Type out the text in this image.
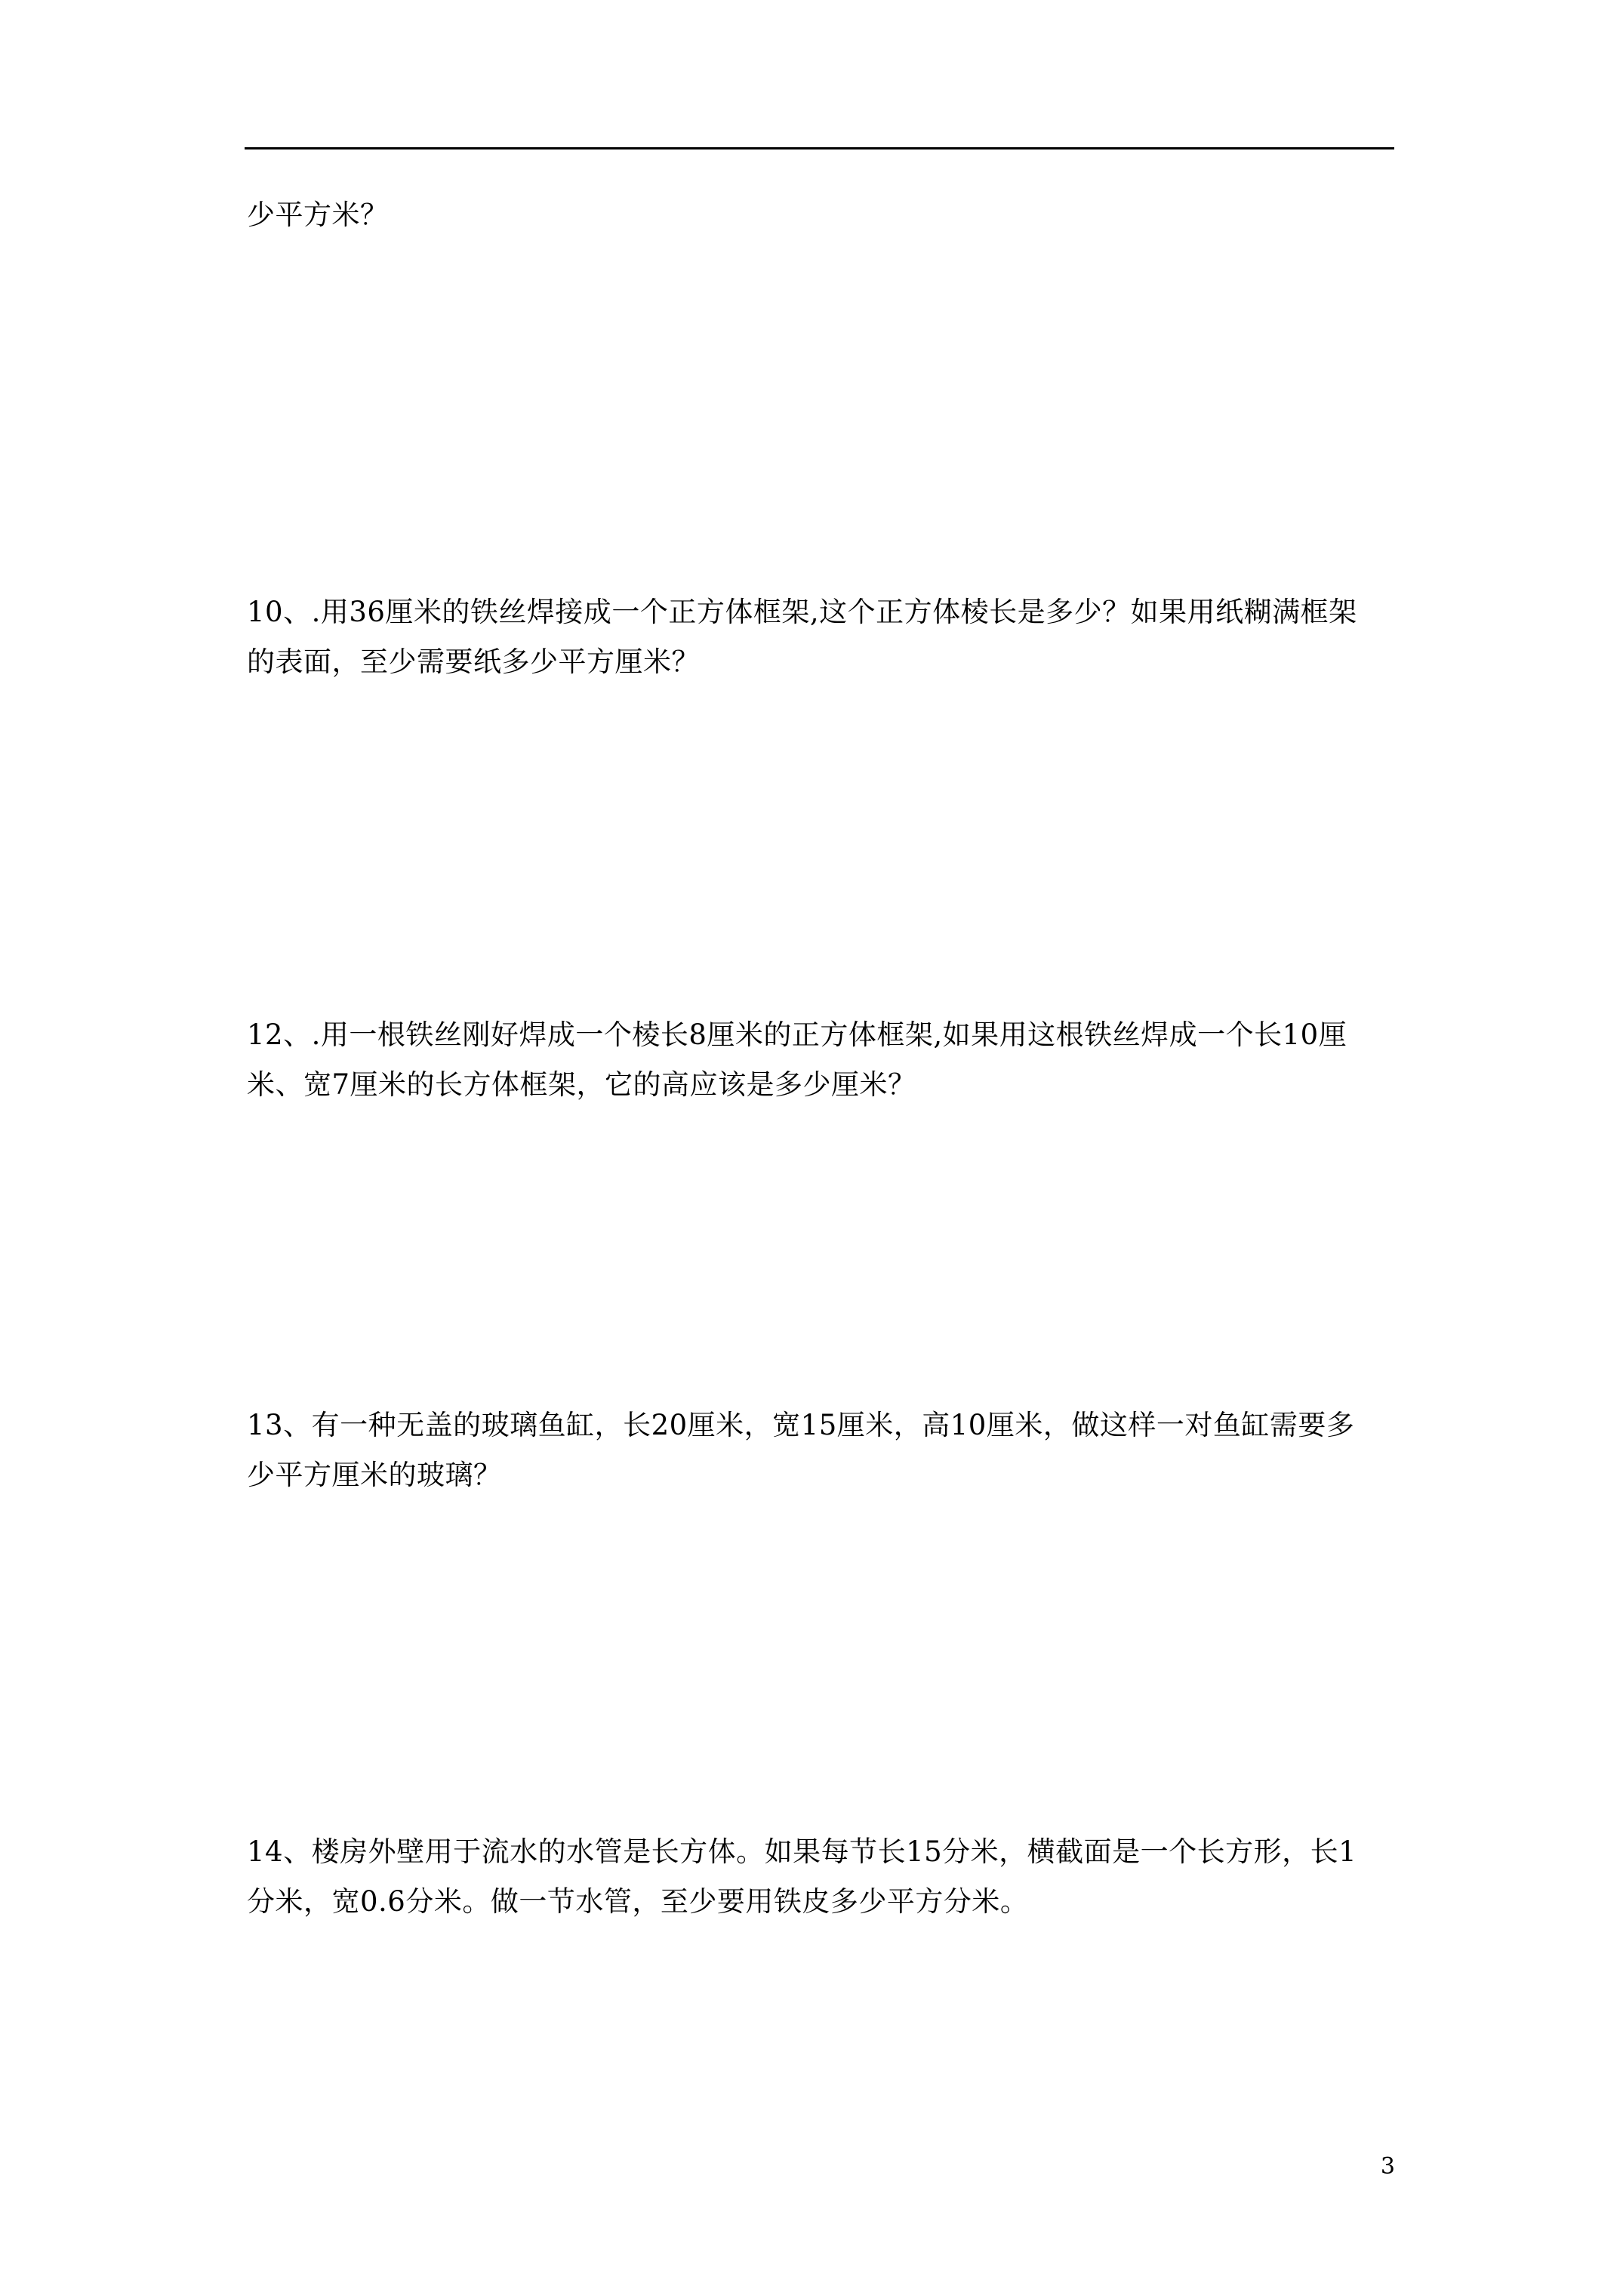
少平方米？

10、.用36厘米的铁丝焊接成一个正方体框架,这个正方体棱长是多少？如果用纸糊满框架
的表面，至少需要纸多少平方厘米？

12、.用一根铁丝刚好焊成一个棱长8厘米的正方体框架,如果用这根铁丝焊成一个长10厘
米、宽7厘米的长方体框架，它的高应该是多少厘米？

13、有一种无盖的玻璃鱼缸，长20厘米，宽15厘米，高10厘米，做这样一对鱼缸需要多
少平方厘米的玻璃？

14、楼房外壁用于流水的水管是长方体。如果每节长15分米，横截面是一个长方形，长1
分米，宽0.6分米。做一节水管，至少要用铁皮多少平方分米。

3
